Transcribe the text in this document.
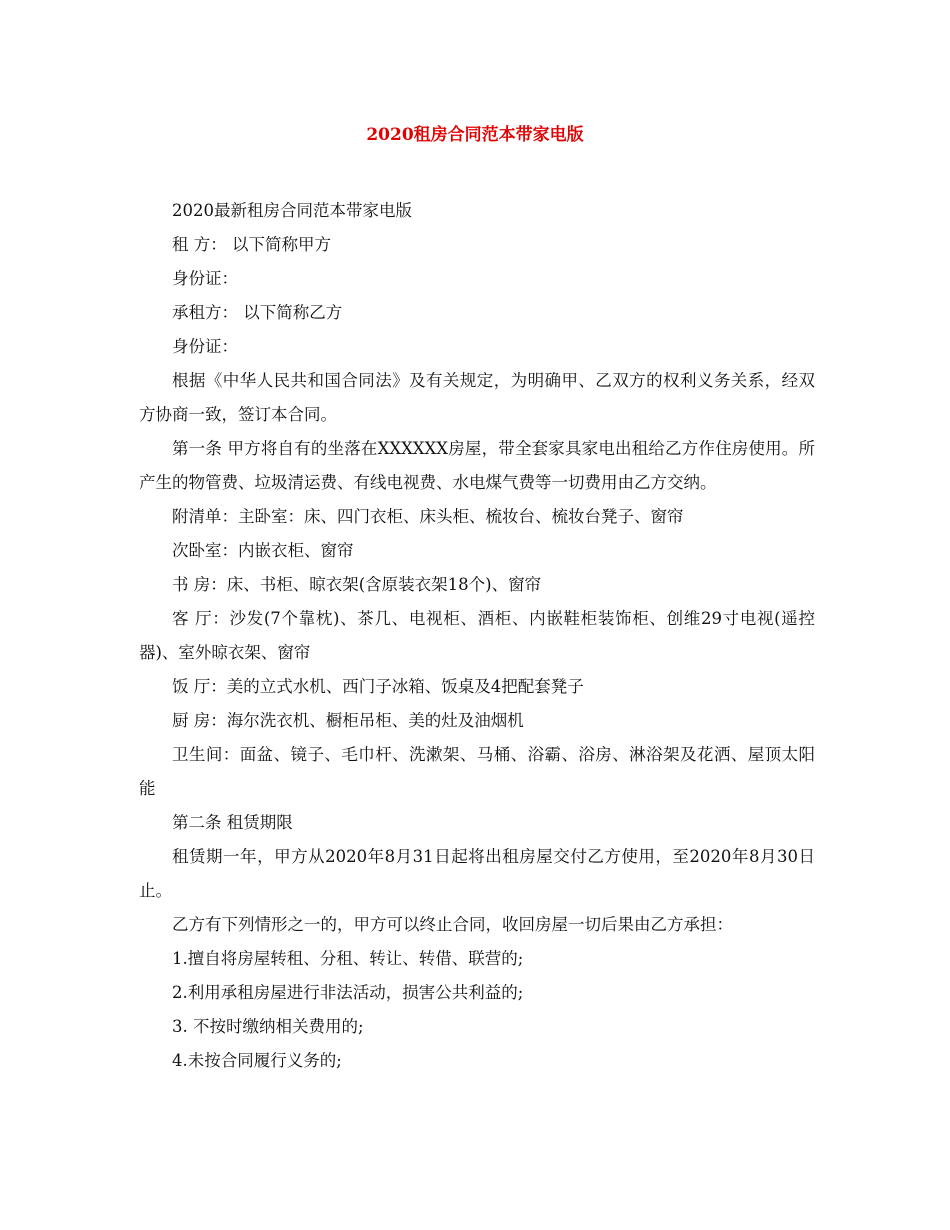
2020租房合同范本带家电版

2020最新租房合同范本带家电版

租 方： 以下简称甲方

身份证：

承租方： 以下简称乙方

身份证：

根据《中华人民共和国合同法》及有关规定，为明确甲、乙双方的权利义务关系，经双方协商一致，签订本合同。

第一条 甲方将自有的坐落在XXXXXX房屋，带全套家具家电出租给乙方作住房使用。所产生的物管费、垃圾清运费、有线电视费、水电煤气费等一切费用由乙方交纳。

附清单：主卧室：床、四门衣柜、床头柜、梳妆台、梳妆台凳子、窗帘

次卧室：内嵌衣柜、窗帘

书 房：床、书柜、晾衣架(含原装衣架18个)、窗帘

客 厅：沙发(7个靠枕)、茶几、电视柜、酒柜、内嵌鞋柜装饰柜、创维29寸电视(遥控器)、室外晾衣架、窗帘

饭 厅：美的立式水机、西门子冰箱、饭桌及4把配套凳子

厨 房：海尔洗衣机、橱柜吊柜、美的灶及油烟机

卫生间：面盆、镜子、毛巾杆、洗漱架、马桶、浴霸、浴房、淋浴架及花洒、屋顶太阳能

第二条 租赁期限

租赁期一年，甲方从2020年8月31日起将出租房屋交付乙方使用，至2020年8月30日止。

乙方有下列情形之一的，甲方可以终止合同，收回房屋一切后果由乙方承担：

1.擅自将房屋转租、分租、转让、转借、联营的;

2.利用承租房屋进行非法活动，损害公共利益的;

3. 不按时缴纳相关费用的;

4.未按合同履行义务的;
